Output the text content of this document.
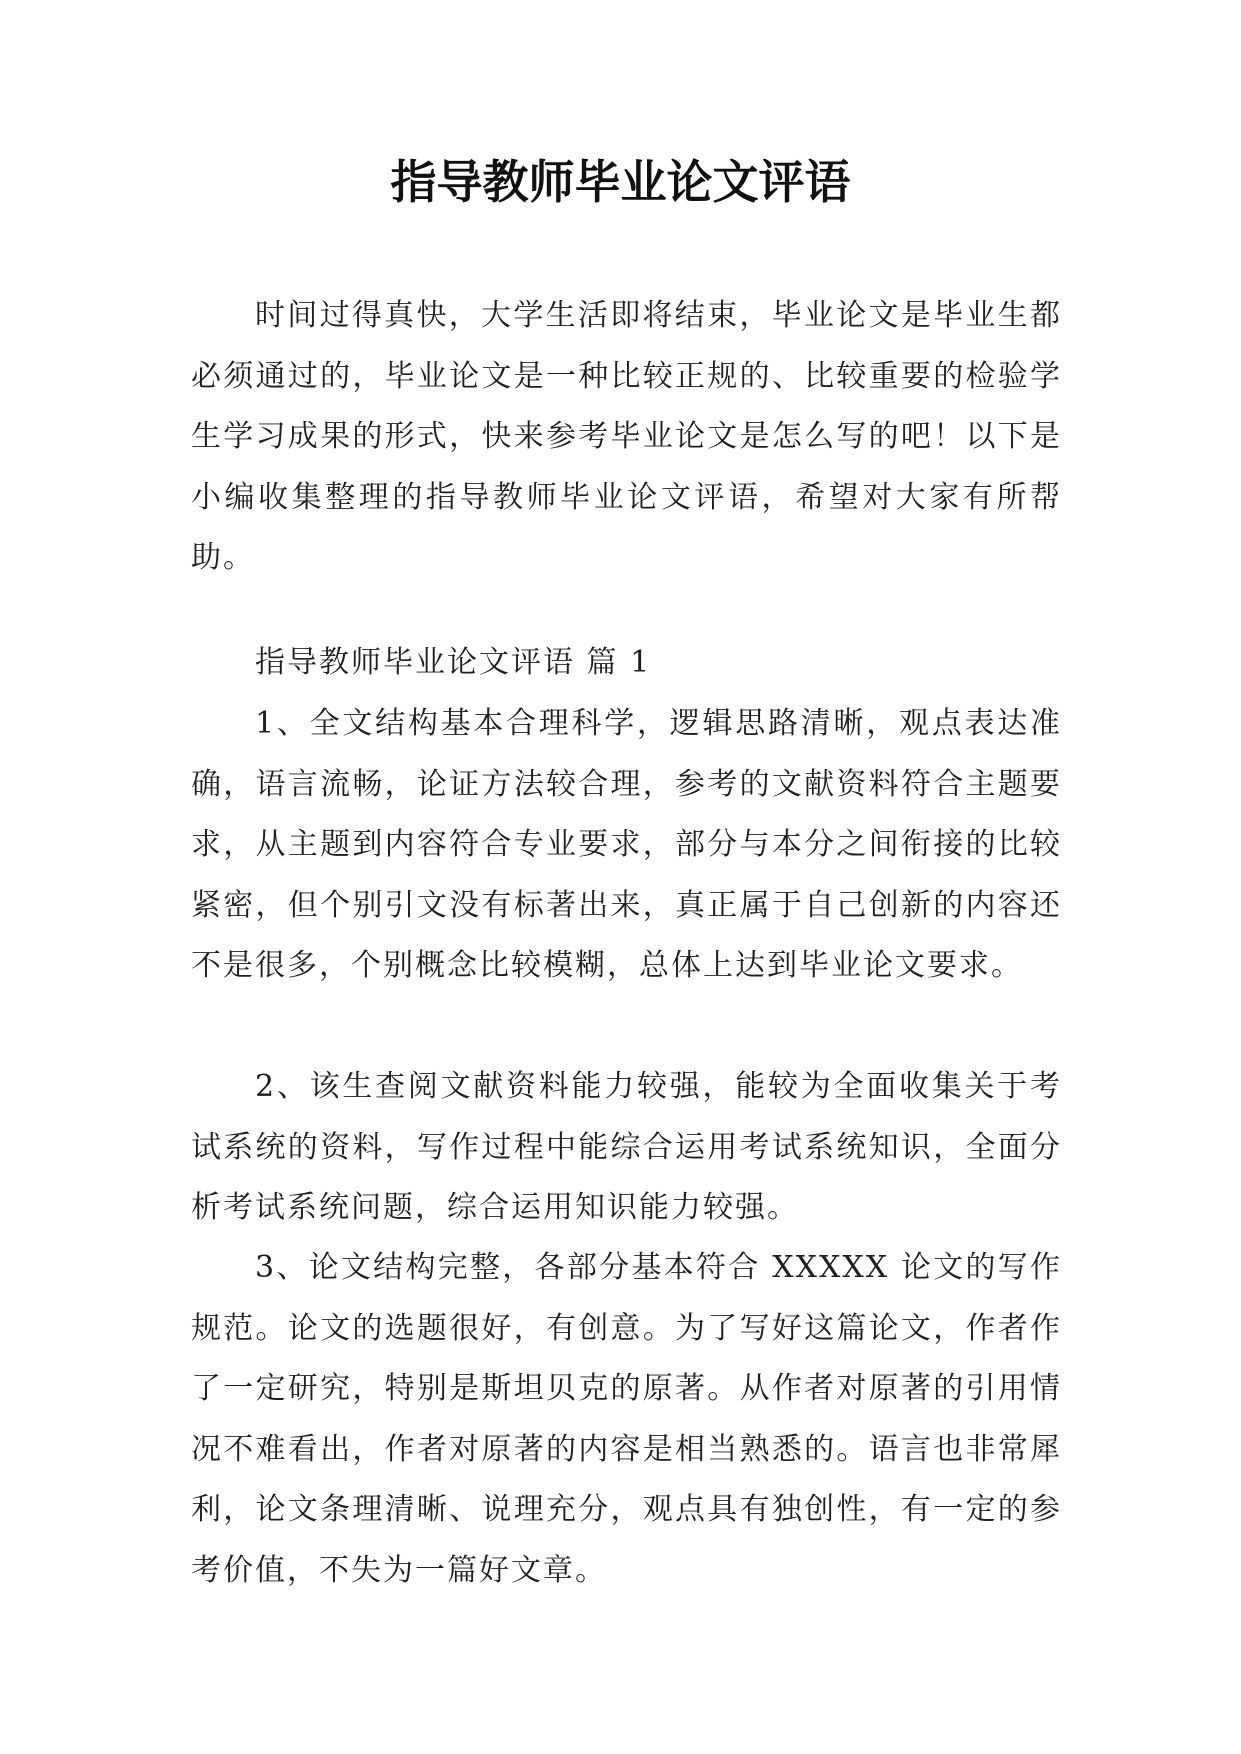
指导教师毕业论文评语

时间过得真快，大学生活即将结束，毕业论文是毕业生都必须通过的，毕业论文是一种比较正规的、比较重要的检验学生学习成果的形式，快来参考毕业论文是怎么写的吧！以下是小编收集整理的指导教师毕业论文评语，希望对大家有所帮助。

指导教师毕业论文评语 篇 1

1、全文结构基本合理科学，逻辑思路清晰，观点表达准确，语言流畅，论证方法较合理，参考的文献资料符合主题要求，从主题到内容符合专业要求，部分与本分之间衔接的比较紧密，但个别引文没有标著出来，真正属于自己创新的内容还不是很多，个别概念比较模糊，总体上达到毕业论文要求。

2、该生查阅文献资料能力较强，能较为全面收集关于考试系统的资料，写作过程中能综合运用考试系统知识，全面分析考试系统问题，综合运用知识能力较强。

3、论文结构完整，各部分基本符合 XXXXX 论文的写作规范。论文的选题很好，有创意。为了写好这篇论文，作者作了一定研究，特别是斯坦贝克的原著。从作者对原著的引用情况不难看出，作者对原著的内容是相当熟悉的。语言也非常犀利，论文条理清晰、说理充分，观点具有独创性，有一定的参考价值，不失为一篇好文章。
